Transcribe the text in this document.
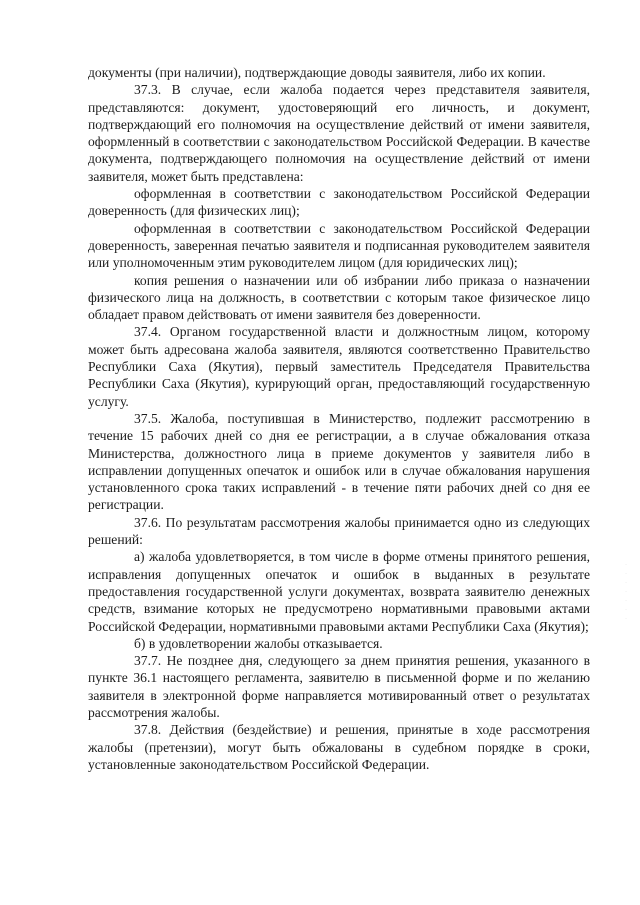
документы (при наличии), подтверждающие доводы заявителя, либо их копии.

37.3. В случае, если жалоба подается через представителя заявителя, представляются: документ, удостоверяющий его личность, и документ, подтверждающий его полномочия на осуществление действий от имени заявителя, оформленный в соответствии с законодательством Российской Федерации. В качестве документа, подтверждающего полномочия на осуществление действий от имени заявителя, может быть представлена:

оформленная в соответствии с законодательством Российской Федерации доверенность (для физических лиц);

оформленная в соответствии с законодательством Российской Федерации доверенность, заверенная печатью заявителя и подписанная руководителем заявителя или уполномоченным этим руководителем лицом (для юридических лиц);

копия решения о назначении или об избрании либо приказа о назначении физического лица на должность, в соответствии с которым такое физическое лицо обладает правом действовать от имени заявителя без доверенности.

37.4. Органом государственной власти и должностным лицом, которому может быть адресована жалоба заявителя, являются соответственно Правительство Республики Саха (Якутия), первый заместитель Председателя Правительства Республики Саха (Якутия), курирующий орган, предоставляющий государственную услугу.

37.5. Жалоба, поступившая в Министерство, подлежит рассмотрению в течение 15 рабочих дней со дня ее регистрации, а в случае обжалования отказа Министерства, должностного лица в приеме документов у заявителя либо в исправлении допущенных опечаток и ошибок или в случае обжалования нарушения установленного срока таких исправлений - в течение пяти рабочих дней со дня ее регистрации.

37.6. По результатам рассмотрения жалобы принимается одно из следующих решений:

а) жалоба удовлетворяется, в том числе в форме отмены принятого решения, исправления допущенных опечаток и ошибок в выданных в результате предоставления государственной услуги документах, возврата заявителю денежных средств, взимание которых не предусмотрено нормативными правовыми актами Российской Федерации, нормативными правовыми актами Республики Саха (Якутия);

б) в удовлетворении жалобы отказывается.

37.7. Не позднее дня, следующего за днем принятия решения, указанного в пункте 36.1 настоящего регламента, заявителю в письменной форме и по желанию заявителя в электронной форме направляется мотивированный ответ о результатах рассмотрения жалобы.

37.8. Действия (бездействие) и решения, принятые в ходе рассмотрения жалобы (претензии), могут быть обжалованы в судебном порядке в сроки, установленные законодательством Российской Федерации.

·
·
·
·
·
·
·
